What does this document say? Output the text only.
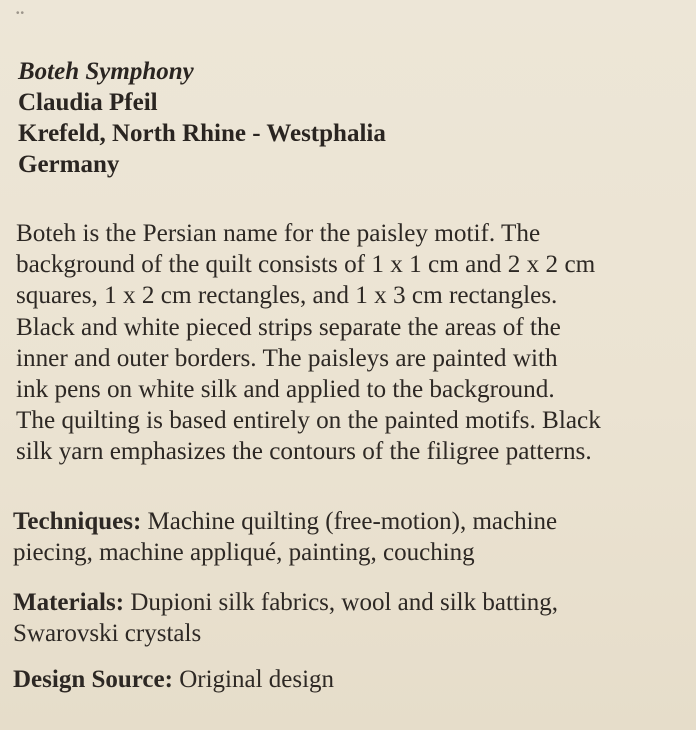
••
Boteh Symphony
Claudia Pfeil
Krefeld, North Rhine - Westphalia
Germany
Boteh is the Persian name for the paisley motif. The
background of the quilt consists of 1 x 1 cm and 2 x 2 cm
squares, 1 x 2 cm rectangles, and 1 x 3 cm rectangles.
Black and white pieced strips separate the areas of the
inner and outer borders. The paisleys are painted with
ink pens on white silk and applied to the background.
The quilting is based entirely on the painted motifs. Black
silk yarn emphasizes the contours of the filigree patterns.
Techniques: Machine quilting (free-motion), machine
piecing, machine appliqué, painting, couching
Materials: Dupioni silk fabrics, wool and silk batting,
Swarovski crystals
Design Source: Original design
